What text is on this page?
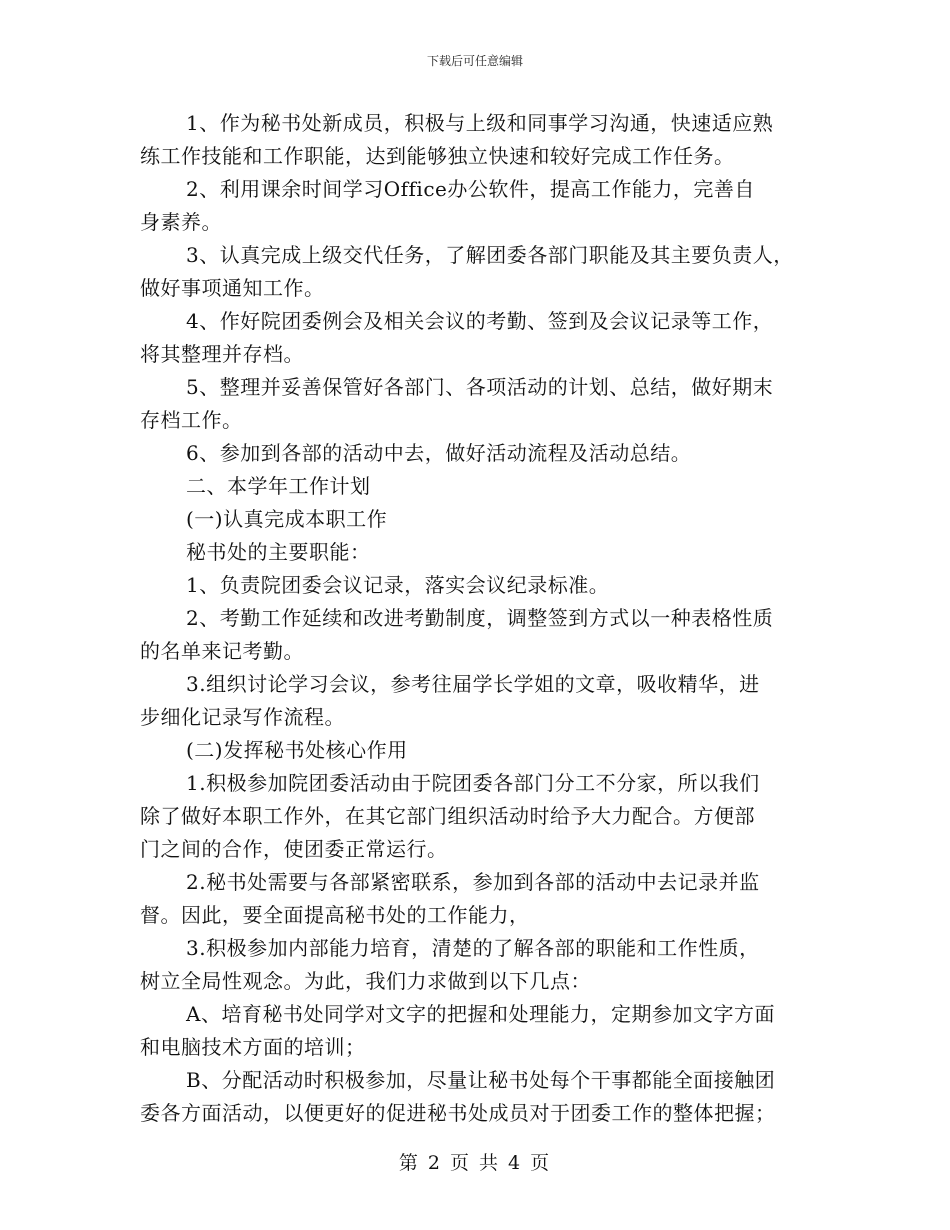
下载后可任意编辑
1、作为秘书处新成员，积极与上级和同事学习沟通，快速适应熟
练工作技能和工作职能，达到能够独立快速和较好完成工作任务。
2、利用课余时间学习Office办公软件，提高工作能力，完善自
身素养。
3、认真完成上级交代任务，了解团委各部门职能及其主要负责人，
做好事项通知工作。
4、作好院团委例会及相关会议的考勤、签到及会议记录等工作，
将其整理并存档。
5、整理并妥善保管好各部门、各项活动的计划、总结，做好期末
存档工作。
6、参加到各部的活动中去，做好活动流程及活动总结。
二、本学年工作计划
(一)认真完成本职工作
秘书处的主要职能：
1、负责院团委会议记录，落实会议纪录标准。
2、考勤工作延续和改进考勤制度，调整签到方式以一种表格性质
的名单来记考勤。
3.组织讨论学习会议，参考往届学长学姐的文章，吸收精华，进
步细化记录写作流程。
(二)发挥秘书处核心作用
1.积极参加院团委活动由于院团委各部门分工不分家，所以我们
除了做好本职工作外，在其它部门组织活动时给予大力配合。方便部
门之间的合作，使团委正常运行。
2.秘书处需要与各部紧密联系，参加到各部的活动中去记录并监
督。因此，要全面提高秘书处的工作能力，
3.积极参加内部能力培育，清楚的了解各部的职能和工作性质，
树立全局性观念。为此，我们力求做到以下几点：
A、培育秘书处同学对文字的把握和处理能力，定期参加文字方面
和电脑技术方面的培训；
B、分配活动时积极参加，尽量让秘书处每个干事都能全面接触团
委各方面活动，以便更好的促进秘书处成员对于团委工作的整体把握；
第 2 页 共 4 页
